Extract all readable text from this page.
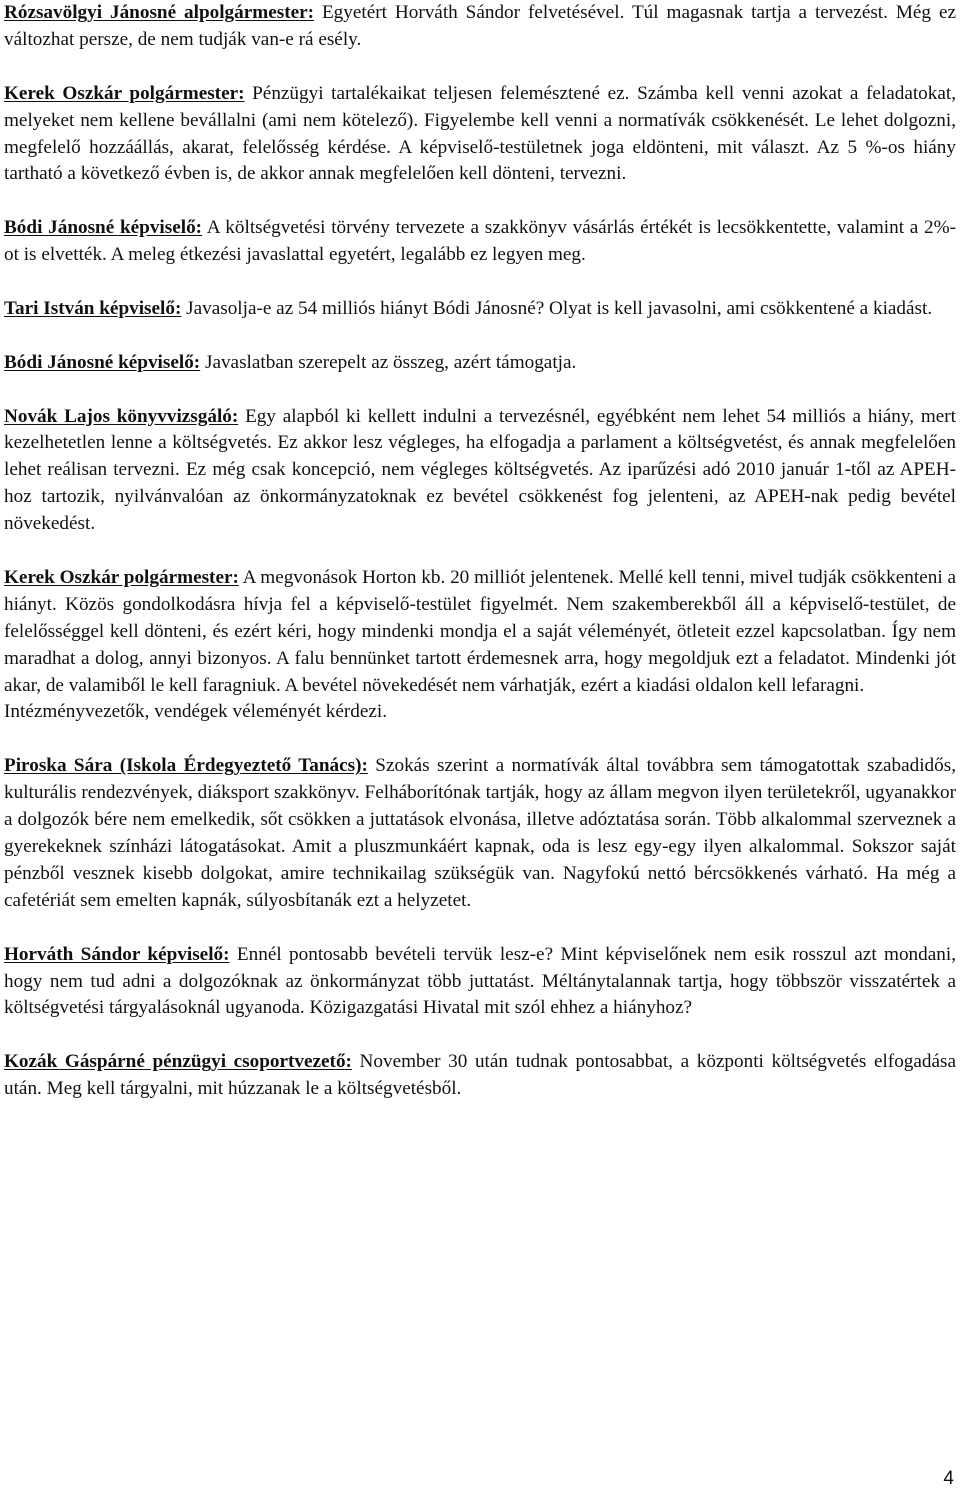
Rózsavölgyi Jánosné alpolgármester: Egyetért Horváth Sándor felvetésével. Túl magasnak tartja a tervezést. Még ez változhat persze, de nem tudják van-e rá esély.

Kerek Oszkár polgármester: Pénzügyi tartalékaikat teljesen felemésztené ez. Számba kell venni azokat a feladatokat, melyeket nem kellene bevállalni (ami nem kötelező). Figyelembe kell venni a normatívák csökkenését. Le lehet dolgozni, megfelelő hozzáállás, akarat, felelősség kérdése. A képviselő-testületnek joga eldönteni, mit választ. Az 5 %-os hiány tartható a következő évben is, de akkor annak megfelelően kell dönteni, tervezni.

Bódi Jánosné képviselő: A költségvetési törvény tervezete a szakkönyv vásárlás értékét is lecsökkentette, valamint a 2%-ot is elvették. A meleg étkezési javaslattal egyetért, legalább ez legyen meg.

Tari István képviselő: Javasolja-e az 54 milliós hiányt Bódi Jánosné? Olyat is kell javasolni, ami csökkentené a kiadást.

Bódi Jánosné képviselő: Javaslatban szerepelt az összeg, azért támogatja.

Novák Lajos könyvvizsgáló: Egy alapból ki kellett indulni a tervezésnél, egyébként nem lehet 54 milliós a hiány, mert kezelhetetlen lenne a költségvetés. Ez akkor lesz végleges, ha elfogadja a parlament a költségvetést, és annak megfelelően lehet reálisan tervezni. Ez még csak koncepció, nem végleges költségvetés. Az iparűzési adó 2010 január 1-től az APEH-hoz tartozik, nyilvánvalóan az önkormányzatoknak ez bevétel csökkenést fog jelenteni, az APEH-nak pedig bevétel növekedést.

Kerek Oszkár polgármester: A megvonások Horton kb. 20 milliót jelentenek. Mellé kell tenni, mivel tudják csökkenteni a hiányt. Közös gondolkodásra hívja fel a képviselő-testület figyelmét. Nem szakemberekből áll a képviselő-testület, de felelősséggel kell dönteni, és ezért kéri, hogy mindenki mondja el a saját véleményét, ötleteit ezzel kapcsolatban. Így nem maradhat a dolog, annyi bizonyos. A falu bennünket tartott érdemesnek arra, hogy megoldjuk ezt a feladatot. Mindenki jót akar, de valamiből le kell faragniuk. A bevétel növekedését nem várhatják, ezért a kiadási oldalon kell lefaragni.
Intézményvezetők, vendégek véleményét kérdezi.

Piroska Sára (Iskola Érdegyeztető Tanács): Szokás szerint a normatívák által továbbra sem támogatottak szabadidős, kulturális rendezvények, diáksport szakkönyv. Felháborítónak tartják, hogy az állam megvon ilyen területekről, ugyanakkor a dolgozók bére nem emelkedik, sőt csökken a juttatások elvonása, illetve adóztatása során. Több alkalommal szerveznek a gyerekeknek színházi látogatásokat. Amit a pluszmunkáért kapnak, oda is lesz egy-egy ilyen alkalommal. Sokszor saját pénzből vesznek kisebb dolgokat, amire technikailag szükségük van. Nagyfokú nettó bércsökkenés várható. Ha még a cafetériát sem emelten kapnák, súlyosbítanák ezt a helyzetet.

Horváth Sándor képviselő: Ennél pontosabb bevételi tervük lesz-e? Mint képviselőnek nem esik rosszul azt mondani, hogy nem tud adni a dolgozóknak az önkormányzat több juttatást. Méltánytalannak tartja, hogy többször visszatértek a költségvetési tárgyalásoknál ugyanoda. Közigazgatási Hivatal mit szól ehhez a hiányhoz?

Kozák Gáspárné pénzügyi csoportvezető: November 30 után tudnak pontosabbat, a központi költségvetés elfogadása után. Meg kell tárgyalni, mit húzzanak le a költségvetésből.

4
